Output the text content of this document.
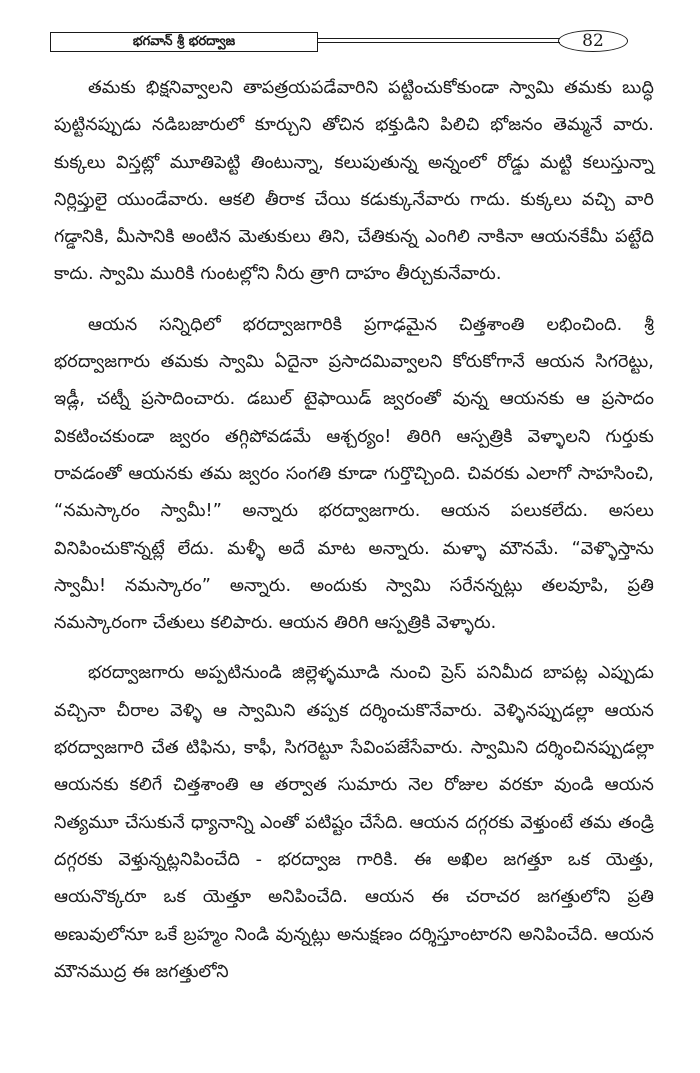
భగవాన్ శ్రీ భరద్వాజ	82

తమకు భిక్షనివ్వాలని తాపత్రయపడేవారిని పట్టించుకోకుండా స్వామి తమకు బుద్ధి పుట్టినప్పుడు నడిబజారులో కూర్చుని తోచిన భక్తుడిని పిలిచి భోజనం తెమ్మనే వారు. కుక్కలు విస్తట్లో మూతిపెట్టి తింటున్నా, కలుపుతున్న అన్నంలో రోడ్డు మట్టి కలుస్తున్నా నిర్లిప్తులై యుండేవారు. ఆకలి తీరాక చేయి కడుక్కునేవారు గాదు. కుక్కలు వచ్చి వారి గడ్డానికి, మీసానికి అంటిన మెతుకులు తిని, చేతికున్న ఎంగిలి నాకినా ఆయనకేమీ పట్టేది కాదు. స్వామి మురికి గుంటల్లోని నీరు త్రాగి దాహం తీర్చుకునేవారు.

ఆయన సన్నిధిలో భరద్వాజగారికి ప్రగాఢమైన చిత్తశాంతి లభించింది. శ్రీ భరద్వాజగారు తమకు స్వామి ఏదైనా ప్రసాదమివ్వాలని కోరుకోగానే ఆయన సిగరెట్టు, ఇడ్లీ, చట్నీ ప్రసాదించారు. డబుల్ టైఫాయిడ్ జ్వరంతో వున్న ఆయనకు ఆ ప్రసాదం వికటించకుండా జ్వరం తగ్గిపోవడమే ఆశ్చర్యం! తిరిగి ఆస్పత్రికి వెళ్ళాలని గుర్తుకు రావడంతో ఆయనకు తమ జ్వరం సంగతి కూడా గుర్తొచ్చింది. చివరకు ఎలాగో సాహసించి, “నమస్కారం స్వామీ!” అన్నారు భరద్వాజగారు. ఆయన పలుకలేదు. అసలు వినిపించుకొన్నట్లే లేదు. మళ్ళీ అదే మాట అన్నారు. మళ్ళా మౌనమే. “వెళ్ళొస్తాను స్వామీ! నమస్కారం” అన్నారు. అందుకు స్వామి సరేనన్నట్లు తలవూపి, ప్రతి నమస్కారంగా చేతులు కలిపారు. ఆయన తిరిగి ఆస్పత్రికి వెళ్ళారు.

భరద్వాజగారు అప్పటినుండి జిల్లెళ్ళమూడి నుంచి ప్రెస్ పనిమీద బాపట్ల ఎప్పుడు వచ్చినా చీరాల వెళ్ళి ఆ స్వామిని తప్పక దర్శించుకొనేవారు. వెళ్ళినప్పుడల్లా ఆయన భరద్వాజగారి చేత టిఫిను, కాఫీ, సిగరెట్టూ సేవింపజేసేవారు. స్వామిని దర్శించినప్పుడల్లా ఆయనకు కలిగే చిత్తశాంతి ఆ తర్వాత సుమారు నెల రోజుల వరకూ వుండి ఆయన నిత్యమూ చేసుకునే ధ్యానాన్ని ఎంతో పటిష్టం చేసేది. ఆయన దగ్గరకు వెళ్తుంటే తమ తండ్రి దగ్గరకు వెళ్తున్నట్లనిపించేది - భరద్వాజ గారికి. ఈ అఖిల జగత్తూ ఒక యెత్తు, ఆయనొక్కరూ ఒక యెత్తూ అనిపించేది. ఆయన ఈ చరాచర జగత్తులోని ప్రతి అణువులోనూ ఒకే బ్రహ్మం నిండి వున్నట్లు అనుక్షణం దర్శిస్తూంటారని అనిపించేది. ఆయన మౌనముద్ర ఈ జగత్తులోని
